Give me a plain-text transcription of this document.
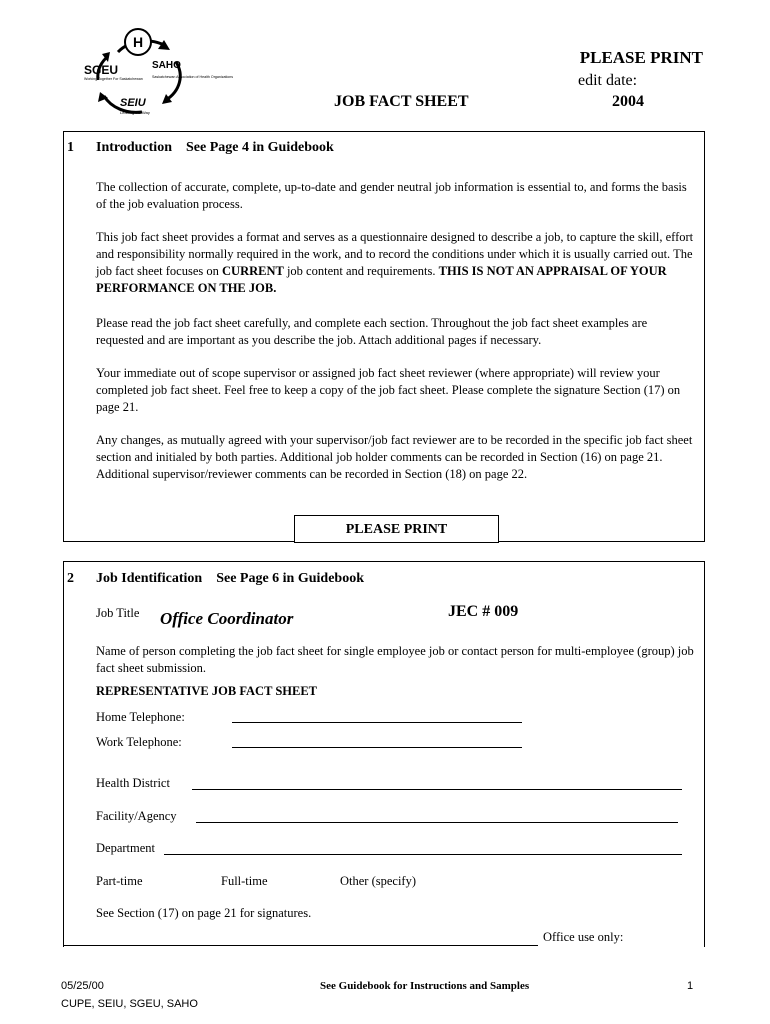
H
SGEU	SAHO
Saskatchewan Association of Health Organizations
Working Together For Saskatchewan
SEIU
Leading the Way
JOB FACT SHEET
PLEASE PRINT
edit date:
2004
1 Introduction See Page 4 in Guidebook
The collection of accurate, complete, up-to-date and gender neutral job information is essential to, and forms the basis of the job evaluation process.
This job fact sheet provides a format and serves as a questionnaire designed to describe a job, to capture the skill, effort and responsibility normally required in the work, and to record the conditions under which it is usually carried out. The job fact sheet focuses on CURRENT job content and requirements. THIS IS NOT AN APPRAISAL OF YOUR PERFORMANCE ON THE JOB.
Please read the job fact sheet carefully, and complete each section. Throughout the job fact sheet examples are requested and are important as you describe the job. Attach additional pages if necessary.
Your immediate out of scope supervisor or assigned job fact sheet reviewer (where appropriate) will review your completed job fact sheet. Feel free to keep a copy of the job fact sheet. Please complete the signature Section (17) on page 21.
Any changes, as mutually agreed with your supervisor/job fact reviewer are to be recorded in the specific job fact sheet section and initialed by both parties. Additional job holder comments can be recorded in Section (16) on page 21. Additional supervisor/reviewer comments can be recorded in Section (18) on page 22.
PLEASE PRINT
2 Job Identification See Page 6 in Guidebook
Job Title Office Coordinator	JEC # 009
Name of person completing the job fact sheet for single employee job or contact person for multi-employee (group) job fact sheet submission.
REPRESENTATIVE JOB FACT SHEET
Home Telephone:
Work Telephone:
Health District
Facility/Agency
Department
Part-time	Full-time	Other (specify)
See Section (17) on page 21 for signatures.
Office use only:
05/25/00
CUPE, SEIU, SGEU, SAHO
See Guidebook for Instructions and Samples	1
